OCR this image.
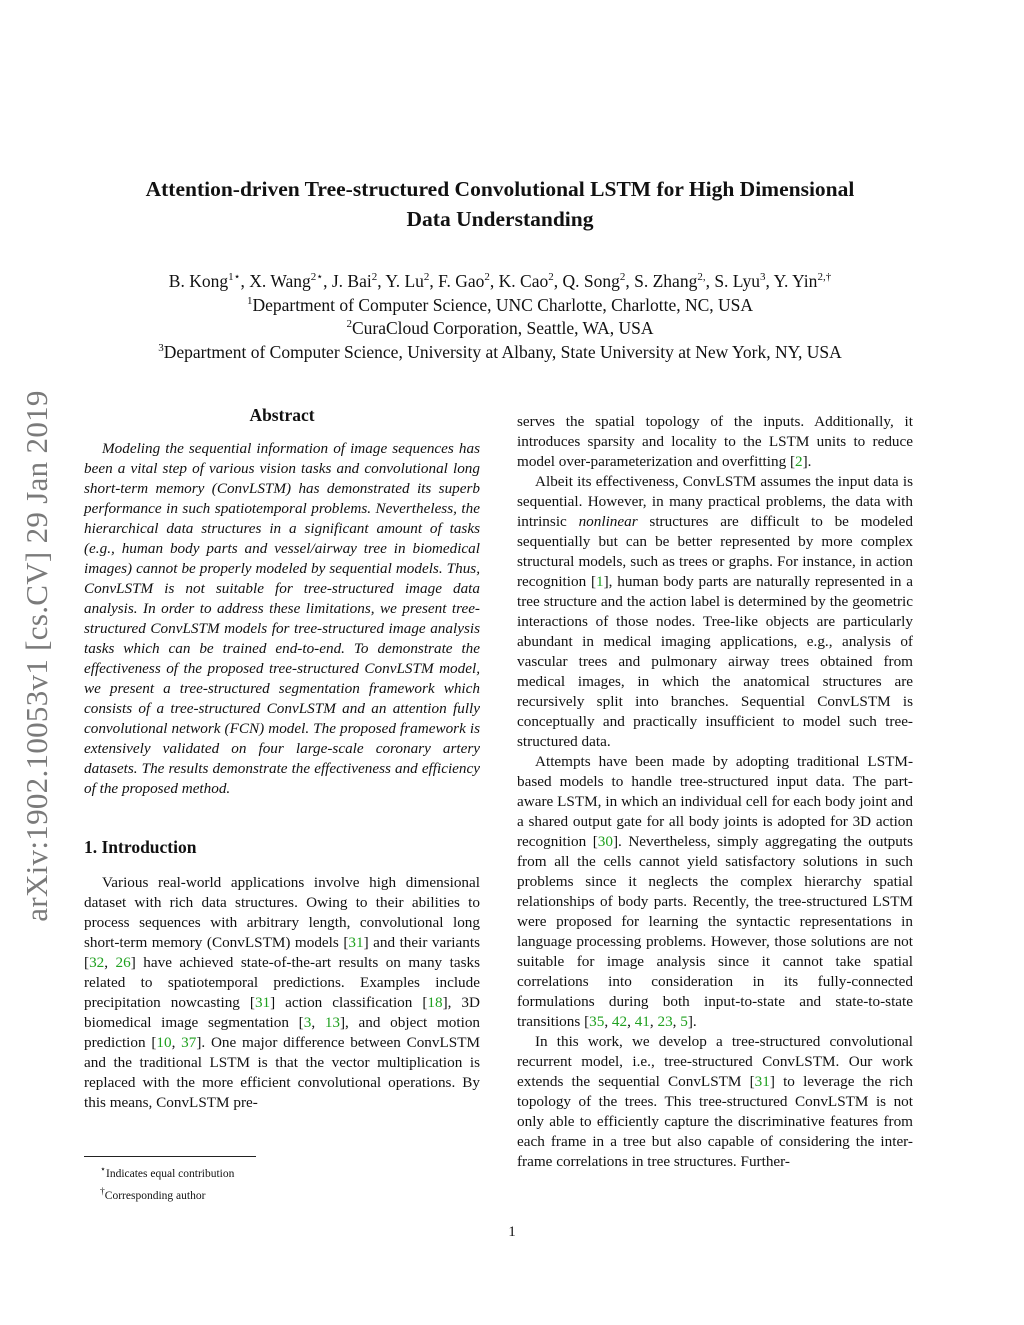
arXiv:1902.10053v1 [cs.CV] 29 Jan 2019
Attention-driven Tree-structured Convolutional LSTM for High Dimensional
Data Understanding
B. Kong$^{1⋆}$, X. Wang$^{2⋆}$, J. Bai$^2$, Y. Lu$^2$, F. Gao$^2$, K. Cao$^2$, Q. Song$^2$, S. Zhang$^{2,}$, S. Lyu$^3$, Y. Yin$^{2,\dagger}$
$^1$Department of Computer Science, UNC Charlotte, Charlotte, NC, USA
$^2$CuraCloud Corporation, Seattle, WA, USA
$^3$Department of Computer Science, University at Albany, State University at New York, NY, USA
Abstract

Modeling the sequential information of image sequences has been a vital step of various vision tasks and convolutional long short-term memory (ConvLSTM) has demonstrated its superb performance in such spatiotemporal problems. Nevertheless, the hierarchical data structures in a significant amount of tasks (e.g., human body parts and vessel/airway tree in biomedical images) cannot be properly modeled by sequential models. Thus, ConvLSTM is not suitable for tree-structured image data analysis. In order to address these limitations, we present tree-structured ConvLSTM models for tree-structured image analysis tasks which can be trained end-to-end. To demonstrate the effectiveness of the proposed tree-structured ConvLSTM model, we present a tree-structured segmentation framework which consists of a tree-structured ConvLSTM and an attention fully convolutional network (FCN) model. The proposed framework is extensively validated on four large-scale coronary artery datasets. The results demonstrate the effectiveness and efficiency of the proposed method.

1. Introduction

Various real-world applications involve high dimensional dataset with rich data structures. Owing to their abilities to process sequences with arbitrary length, convolutional long short-term memory (ConvLSTM) models [31] and their variants [32, 26] have achieved state-of-the-art results on many tasks related to spatiotemporal predictions. Examples include precipitation nowcasting [31] action classification [18], 3D biomedical image segmentation [3, 13], and object motion prediction [10, 37]. One major difference between ConvLSTM and the traditional LSTM is that the vector multiplication is replaced with the more efficient convolutional operations. By this means, ConvLSTM pre-

serves the spatial topology of the inputs. Additionally, it introduces sparsity and locality to the LSTM units to reduce model over-parameterization and overfitting [2].

Albeit its effectiveness, ConvLSTM assumes the input data is sequential. However, in many practical problems, the data with intrinsic nonlinear structures are difficult to be modeled sequentially but can be better represented by more complex structural models, such as trees or graphs. For instance, in action recognition [1], human body parts are naturally represented in a tree structure and the action label is determined by the geometric interactions of those nodes. Tree-like objects are particularly abundant in medical imaging applications, e.g., analysis of vascular trees and pulmonary airway trees obtained from medical images, in which the anatomical structures are recursively split into branches. Sequential ConvLSTM is conceptually and practically insufficient to model such tree-structured data.

Attempts have been made by adopting traditional LSTM-based models to handle tree-structured input data. The part-aware LSTM, in which an individual cell for each body joint and a shared output gate for all body joints is adopted for 3D action recognition [30]. Nevertheless, simply aggregating the outputs from all the cells cannot yield satisfactory solutions in such problems since it neglects the complex hierarchy spatial relationships of body parts. Recently, the tree-structured LSTM were proposed for learning the syntactic representations in language processing problems. However, those solutions are not suitable for image analysis since it cannot take spatial correlations into consideration in its fully-connected formulations during both input-to-state and state-to-state transitions [35, 42, 41, 23, 5].

In this work, we develop a tree-structured convolutional recurrent model, i.e., tree-structured ConvLSTM. Our work extends the sequential ConvLSTM [31] to leverage the rich topology of the trees. This tree-structured ConvLSTM is not only able to efficiently capture the discriminative features from each frame in a tree but also capable of considering the inter-frame correlations in tree structures. Further-

⋆Indicates equal contribution
†Corresponding author
1
